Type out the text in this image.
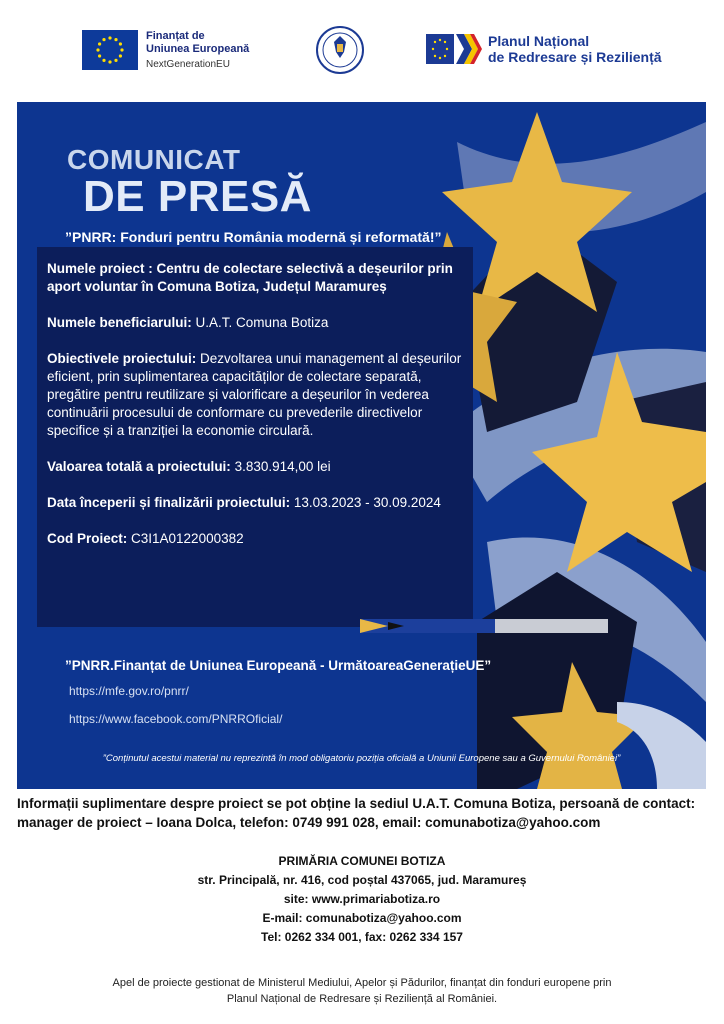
Finanțat de
Uniunea Europeană
NextGenerationEU
Planul Național
de Redresare și Reziliență
COMUNICAT
DE PRESĂ
”PNRR: Fonduri pentru România modernă și reformată!”

Numele proiect : Centru de colectare selectivă a deșeurilor prin aport voluntar în Comuna Botiza, Județul Maramureș

Numele beneficiarului: U.A.T. Comuna Botiza

Obiectivele proiectului: Dezvoltarea unui management al deșeurilor eficient, prin suplimentarea capacităților de colectare separată, pregătire pentru reutilizare și valorificare a deșeurilor în vederea continuării procesului de conformare cu prevederile directivelor specifice și a tranziției la economie circulară.

Valoarea totală a proiectului: 3.830.914,00 lei

Data începerii și finalizării proiectului: 13.03.2023 - 30.09.2024

Cod Proiect: C3I1A0122000382

”PNRR.Finanțat de Uniunea Europeană - UrmătoareaGenerațieUE”
https://mfe.gov.ro/pnrr/
https://www.facebook.com/PNRROficial/
”Conținutul acestui material nu reprezintă în mod obligatoriu poziția oficială a Uniunii Europene sau a Guvernului României”
Informații suplimentare despre proiect se pot obține la sediul U.A.T. Comuna Botiza, persoană de contact: manager de proiect – Ioana Dolca, telefon: 0749 991 028, email: comunabotiza@yahoo.com
PRIMĂRIA COMUNEI BOTIZA
str. Principală, nr. 416, cod poștal 437065, jud. Maramureș
site: www.primariabotiza.ro
E-mail: comunabotiza@yahoo.com
Tel: 0262 334 001, fax: 0262 334 157
Apel de proiecte gestionat de Ministerul Mediului, Apelor și Pădurilor, finanțat din fonduri europene prin
Planul Național de Redresare și Reziliență al României.
